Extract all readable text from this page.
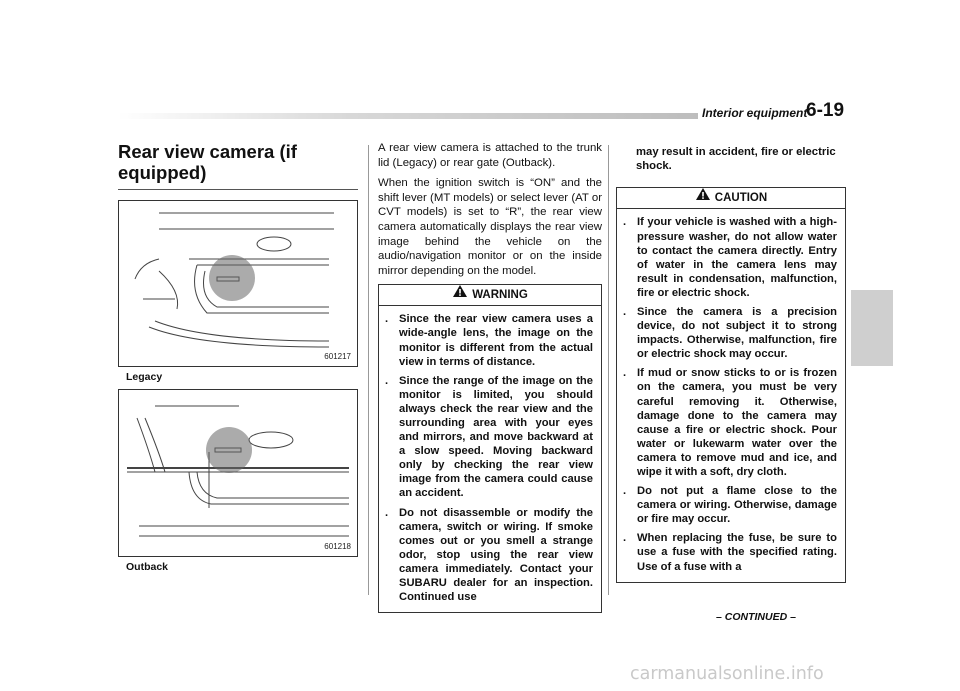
Interior equipment
6-19
Rear view camera (if equipped)
601217
Legacy
601218
Outback

A rear view camera is attached to the trunk lid (Legacy) or rear gate (Outback).

When the ignition switch is “ON” and the shift lever (MT models) or select lever (AT or CVT models) is set to “R”, the rear view camera automatically displays the rear view image behind the vehicle on the audio/navigation monitor or on the inside mirror depending on the model.

WARNING
. Since the rear view camera uses a wide-angle lens, the image on the monitor is different from the actual view in terms of distance.
. Since the range of the image on the monitor is limited, you should always check the rear view and the surrounding area with your eyes and mirrors, and move backward at a slow speed. Moving backward only by checking the rear view image from the camera could cause an accident.
. Do not disassemble or modify the camera, switch or wiring. If smoke comes out or you smell a strange odor, stop using the rear view camera immediately. Contact your SUBARU dealer for an inspection. Continued use
may result in accident, fire or electric shock.
CAUTION
. If your vehicle is washed with a high-pressure washer, do not allow water to contact the camera directly. Entry of water in the camera lens may result in condensation, malfunction, fire or electric shock.
. Since the camera is a precision device, do not subject it to strong impacts. Otherwise, malfunction, fire or electric shock may occur.
. If mud or snow sticks to or is frozen on the camera, you must be very careful removing it. Otherwise, damage done to the camera may cause a fire or electric shock. Pour water or lukewarm water over the camera to remove mud and ice, and wipe it with a soft, dry cloth.
. Do not put a flame close to the camera or wiring. Otherwise, damage or fire may occur.
. When replacing the fuse, be sure to use a fuse with the specified rating. Use of a fuse with a
– CONTINUED –
carmanualsonline.info
